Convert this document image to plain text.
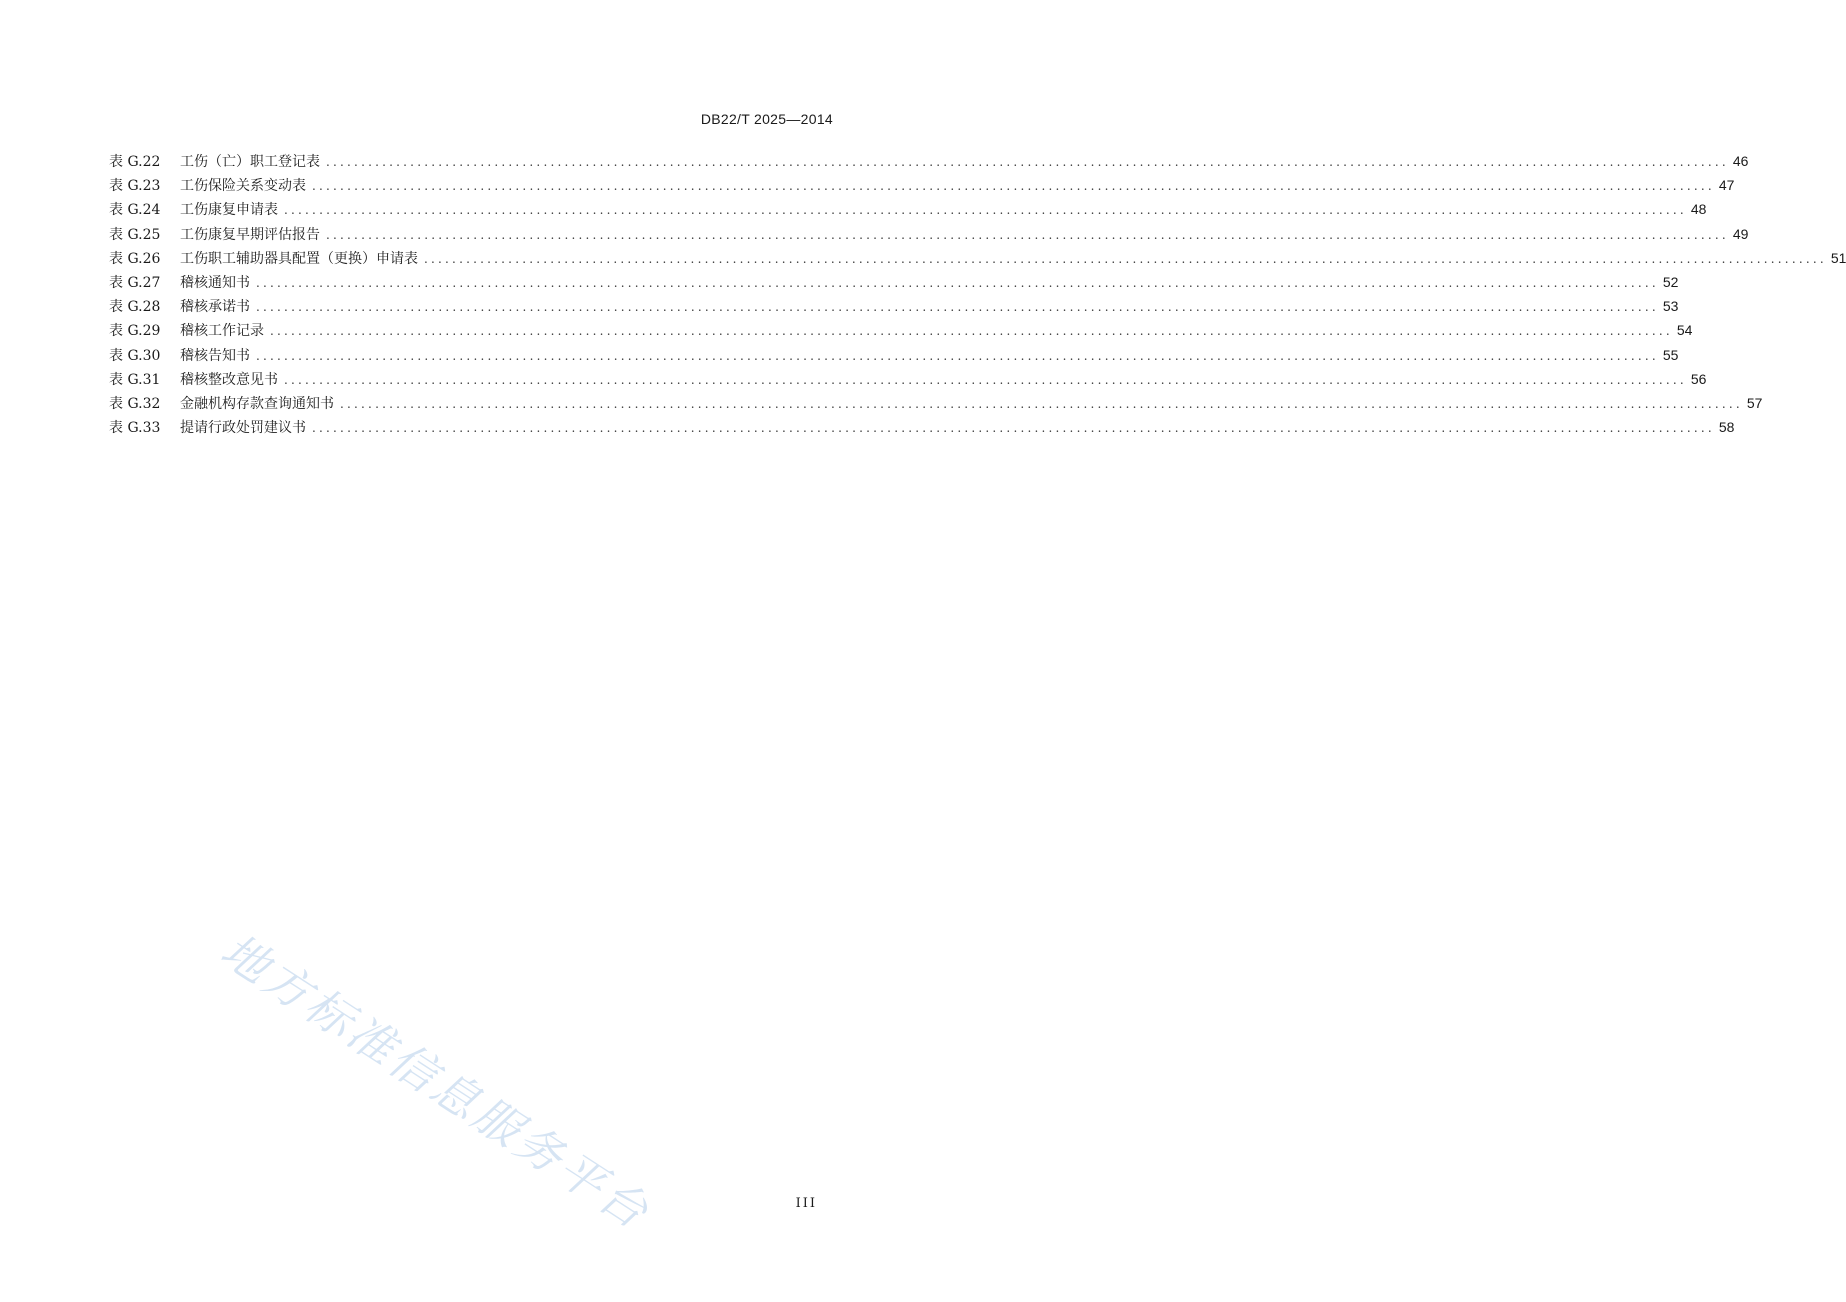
DB22/T 2025—2014
表 G.22	工伤（亡）职工登记表 ........................................................................................................................................................................................................ 46
表 G.23	工伤保险关系变动表 ........................................................................................................................................................................................................ 47
表 G.24	工伤康复申请表 ........................................................................................................................................................................................................ 48
表 G.25	工伤康复早期评估报告 ........................................................................................................................................................................................................ 49
表 G.26	工伤职工辅助器具配置（更换）申请表 ........................................................................................................................................................................................................ 51
表 G.27	稽核通知书 ........................................................................................................................................................................................................ 52
表 G.28	稽核承诺书 ........................................................................................................................................................................................................ 53
表 G.29	稽核工作记录 ........................................................................................................................................................................................................ 54
表 G.30	稽核告知书 ........................................................................................................................................................................................................ 55
表 G.31	稽核整改意见书 ........................................................................................................................................................................................................ 56
表 G.32	金融机构存款查询通知书 ........................................................................................................................................................................................................ 57
表 G.33	提请行政处罚建议书 ........................................................................................................................................................................................................ 58
地方标准信息服务平台	III
